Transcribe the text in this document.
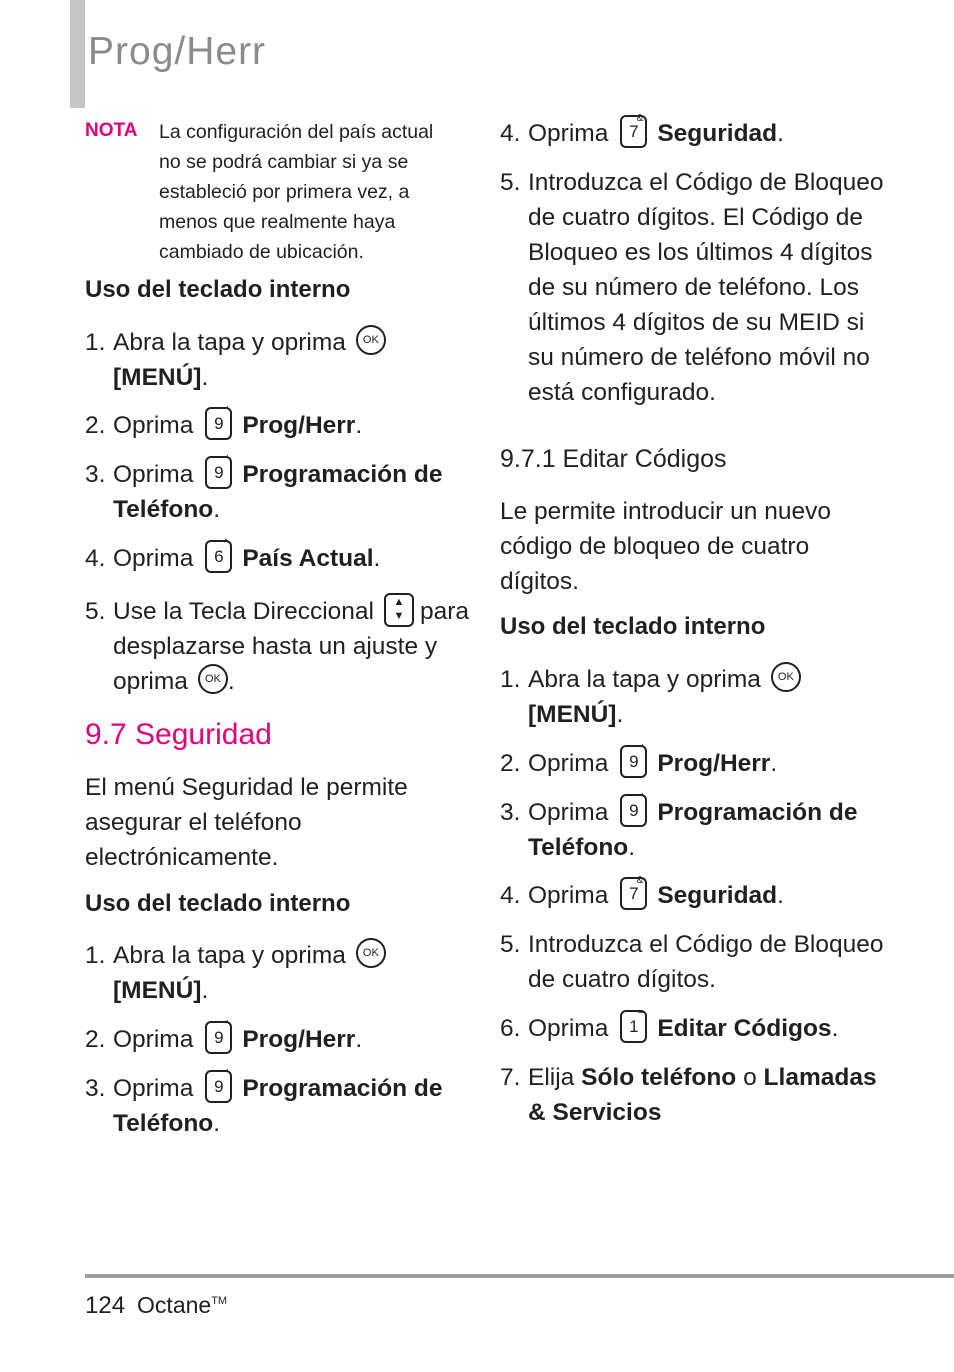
Prog/Herr
NOTA La configuración del país actual
no se podrá cambiar si ya se
estableció por primera vez, a
menos que realmente haya
cambiado de ubicación.
Uso del teclado interno
1. Abra la tapa y oprima OK
[MENÚ].
2. Oprima 9
'
Prog/Herr.
3. Oprima 9
'
Programación de
Teléfono.
4. Oprima 6
^
País Actual.
5. Use la Tecla Direccional ▲
▼ para
desplazarse hasta un ajuste y
oprima OK .
9.7 Seguridad
El menú Seguridad le permite
asegurar el teléfono
electrónicamente.
Uso del teclado interno
1. Abra la tapa y oprima OK
[MENÚ].
2. Oprima 9
'
Prog/Herr.
3. Oprima 9
'
Programación de
Teléfono.
4. Oprima 7
&
Seguridad.
5. Introduzca el Código de Bloqueo
de cuatro dígitos. El Código de
Bloqueo es los últimos 4 dígitos
de su número de teléfono. Los
últimos 4 dígitos de su MEID si
su número de teléfono móvil no
está configurado.
9.7.1 Editar Códigos
Le permite introducir un nuevo
código de bloqueo de cuatro
dígitos.
Uso del teclado interno
1. Abra la tapa y oprima OK
[MENÚ].
2. Oprima 9
'
Prog/Herr.
3. Oprima 9
'
Programación de
Teléfono.
4. Oprima 7
&
Seguridad.
5. Introduzca el Código de Bloqueo
de cuatro dígitos.
6. Oprima 1
~
Editar Códigos.
7. Elija Sólo teléfono o Llamadas
& Servicios
124 Octane™
